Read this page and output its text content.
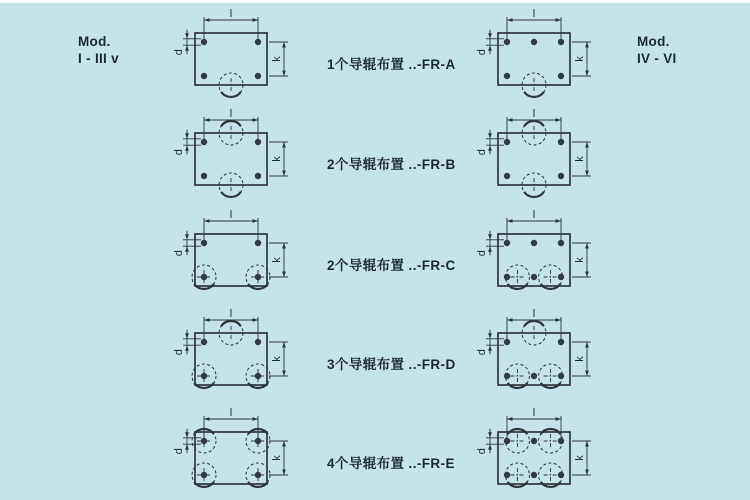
Mod.
I - III v
Mod.
IV - VI
l
k
d
1个导辊布置 ..-FR-A
l
k
d
l
k
d
2个导辊布置 ..-FR-B
l
k
d
l
k
d
2个导辊布置 ..-FR-C
l
k
d
l
k
d
3个导辊布置 ..-FR-D
l
k
d
l
k
d
4个导辊布置 ..-FR-E
l
k
d
